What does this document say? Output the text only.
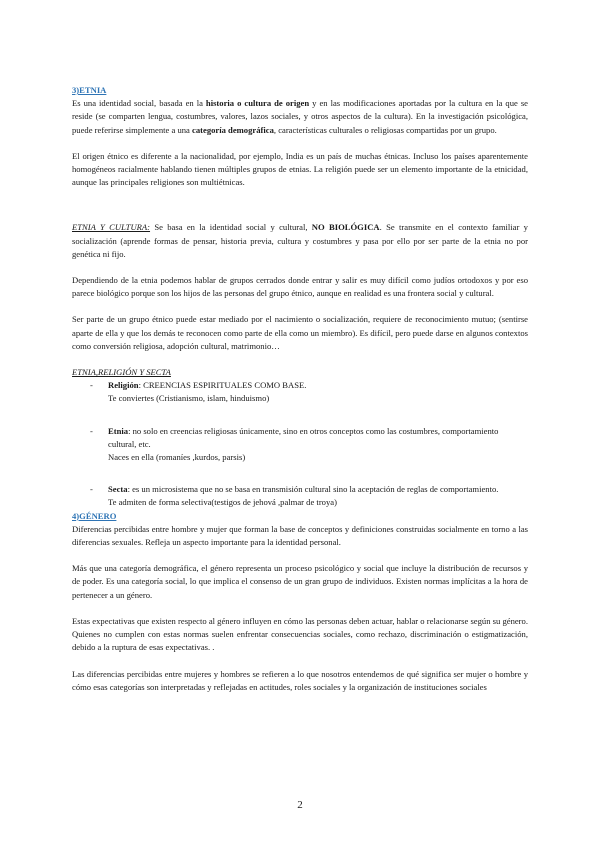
3)ETNIA

Es una identidad social, basada en la historia o cultura de origen y en las modificaciones aportadas por la cultura en la que se reside (se comparten lengua, costumbres, valores, lazos sociales, y otros aspectos de la cultura). En la investigación psicológica, puede referirse simplemente a una categoría demográfica, características culturales o religiosas compartidas por un grupo.

El origen étnico es diferente a la nacionalidad, por ejemplo, India es un país de muchas étnicas. Incluso los países aparentemente homogéneos racialmente hablando tienen múltiples grupos de etnias. La religión puede ser un elemento importante de la etnicidad, aunque las principales religiones son multiétnicas.

ETNIA Y CULTURA: Se basa en la identidad social y cultural, NO BIOLÓGICA. Se transmite en el contexto familiar y socialización (aprende formas de pensar, historia previa, cultura y costumbres y pasa por ello por ser parte de la etnia no por genética ni fijo.

Dependiendo de la etnia podemos hablar de grupos cerrados donde entrar y salir es muy difícil como judíos ortodoxos y por eso parece biológico porque son los hijos de las personas del grupo étnico, aunque en realidad es una frontera social y cultural.

Ser parte de un grupo étnico puede estar mediado por el nacimiento o socialización, requiere de reconocimiento mutuo; (sentirse aparte de ella y que los demás te reconocen como parte de ella como un miembro). Es difícil, pero puede darse en algunos contextos como conversión religiosa, adopción cultural, matrimonio…

ETNIA,RELIGIÓN Y SECTA

- Religión: CREENCIAS ESPIRITUALES COMO BASE.
Te conviertes (Cristianismo, islam, hinduismo)
- Etnia: no solo en creencias religiosas únicamente, sino en otros conceptos como las costumbres, comportamiento cultural, etc.
Naces en ella (romaníes ,kurdos, parsis)
- Secta: es un microsistema que no se basa en transmisión cultural sino la aceptación de reglas de comportamiento.
Te admiten de forma selectiva(testigos de jehová ,palmar de troya)

4)GÉNERO

Diferencias percibidas entre hombre y mujer que forman la base de conceptos y definiciones construidas socialmente en torno a las diferencias sexuales. Refleja un aspecto importante para la identidad personal.

Más que una categoría demográfica, el género representa un proceso psicológico y social que incluye la distribución de recursos y de poder. Es una categoría social, lo que implica el consenso de un gran grupo de individuos. Existen normas implícitas a la hora de pertenecer a un género.

Estas expectativas que existen respecto al género influyen en cómo las personas deben actuar, hablar o relacionarse según su género. Quienes no cumplen con estas normas suelen enfrentar consecuencias sociales, como rechazo, discriminación o estigmatización, debido a la ruptura de esas expectativas. .

Las diferencias percibidas entre mujeres y hombres se refieren a lo que nosotros entendemos de qué significa ser mujer o hombre y cómo esas categorías son interpretadas y reflejadas en actitudes, roles sociales y la organización de instituciones sociales

2
